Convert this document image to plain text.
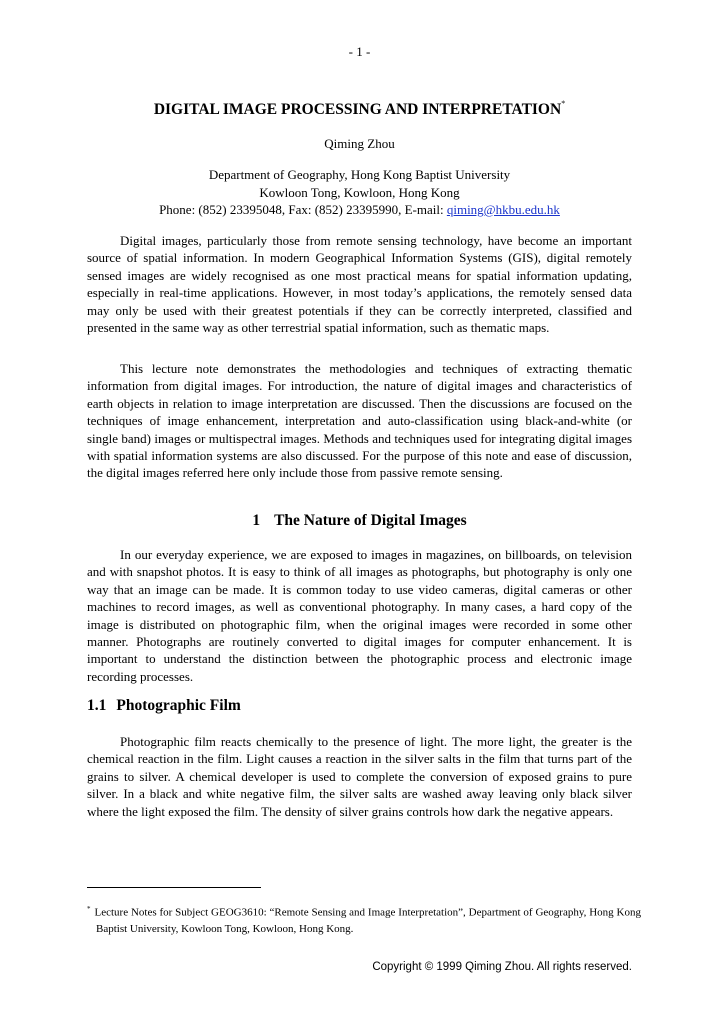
- 1 -
DIGITAL IMAGE PROCESSING AND INTERPRETATION*
Qiming Zhou
Department of Geography, Hong Kong Baptist University
Kowloon Tong, Kowloon, Hong Kong
Phone: (852) 23395048, Fax: (852) 23395990, E-mail: qiming@hkbu.edu.hk

Digital images, particularly those from remote sensing technology, have become an important source of spatial information. In modern Geographical Information Systems (GIS), digital remotely sensed images are widely recognised as one most practical means for spatial information updating, especially in real-time applications. However, in most today’s applications, the remotely sensed data may only be used with their greatest potentials if they can be correctly interpreted, classified and presented in the same way as other terrestrial spatial information, such as thematic maps.

This lecture note demonstrates the methodologies and techniques of extracting thematic information from digital images. For introduction, the nature of digital images and characteristics of earth objects in relation to image interpretation are discussed. Then the discussions are focused on the techniques of image enhancement, interpretation and auto-classification using black-and-white (or single band) images or multispectral images. Methods and techniques used for integrating digital images with spatial information systems are also discussed. For the purpose of this note and ease of discussion, the digital images referred here only include those from passive remote sensing.

1 The Nature of Digital Images

In our everyday experience, we are exposed to images in magazines, on billboards, on television and with snapshot photos. It is easy to think of all images as photographs, but photography is only one way that an image can be made. It is common today to use video cameras, digital cameras or other machines to record images, as well as conventional photography. In many cases, a hard copy of the image is distributed on photographic film, when the original images were recorded in some other manner. Photographs are routinely converted to digital images for computer enhancement. It is important to understand the distinction between the photographic process and electronic image recording processes.

1.1 Photographic Film

Photographic film reacts chemically to the presence of light. The more light, the greater is the chemical reaction in the film. Light causes a reaction in the silver salts in the film that turns part of the grains to silver. A chemical developer is used to complete the conversion of exposed grains to pure silver. In a black and white negative film, the silver salts are washed away leaving only black silver where the light exposed the film. The density of silver grains controls how dark the negative appears.

* Lecture Notes for Subject GEOG3610: “Remote Sensing and Image Interpretation”, Department of Geography, Hong Kong Baptist University, Kowloon Tong, Kowloon, Hong Kong.
Copyright © 1999 Qiming Zhou. All rights reserved.
